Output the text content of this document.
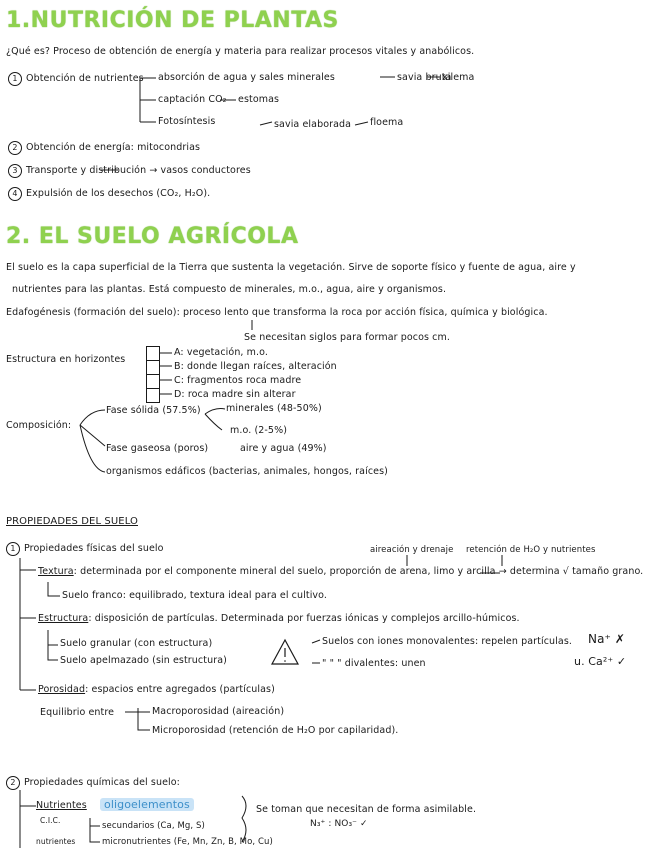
1.NUTRICIÓN DE PLANTAS
¿Qué es? Proceso de obtención de energía y materia para realizar procesos vitales y anabólicos.
1 Obtención de nutrientes absorción de agua y sales minerales	savia bruta
xilema
captación CO₂ estomas
Fotosíntesis	savia elaborada floema
2 Obtención de energía: mitocondrias
3 Transporte y distribución → vasos conductores
4 Expulsión de los desechos (CO₂, H₂O).
2. EL SUELO AGRÍCOLA
El suelo es la capa superficial de la Tierra que sustenta la vegetación. Sirve de soporte físico y fuente de agua, aire y
nutrientes para las plantas. Está compuesto de minerales, m.o., agua, aire y organismos.
Edafogénesis (formación del suelo): proceso lento que transforma la roca por acción física, química y biológica.
Se necesitan siglos para formar pocos cm.
Estructura en horizontes
A: vegetación, m.o.
B: donde llegan raíces, alteración
C: fragmentos roca madre
D: roca madre sin alterar
Composición:
Fase sólida (57.5%)	minerales (48-50%)
m.o. (2-5%)
Fase gaseosa (poros)	aire y agua (49%)
organismos edáficos (bacterias, animales, hongos, raíces)
PROPIEDADES DEL SUELO
1 Propiedades físicas del suelo	aireación y drenaje retención de H₂O y nutrientes
Textura: determinada por el componente mineral del suelo, proporción de arena, limo y arcilla → determina √ tamaño grano.
Suelo franco: equilibrado, textura ideal para el cultivo.
Estructura: disposición de partículas. Determinada por fuerzas iónicas y complejos arcillo-húmicos.
Suelo granular (con estructura)
Suelo apelmazado (sin estructura)
Suelos con iones monovalentes: repelen partículas. Na⁺ ✗
" " " divalentes: unen	u. Ca²⁺ ✓
Porosidad: espacios entre agregados (partículas)
Equilibrio entre	Macroporosidad (aireación)
Microporosidad (retención de H₂O por capilaridad).
2 Propiedades químicas del suelo:
Nutrientes
C.I.C.
nutrientes
oligoelementos
secundarios (Ca, Mg, S)
micronutrientes (Fe, Mn, Zn, B, Mo, Cu)
Se toman que necesitan de forma asimilable.
N₃⁺ : NO₃⁻ ✓
